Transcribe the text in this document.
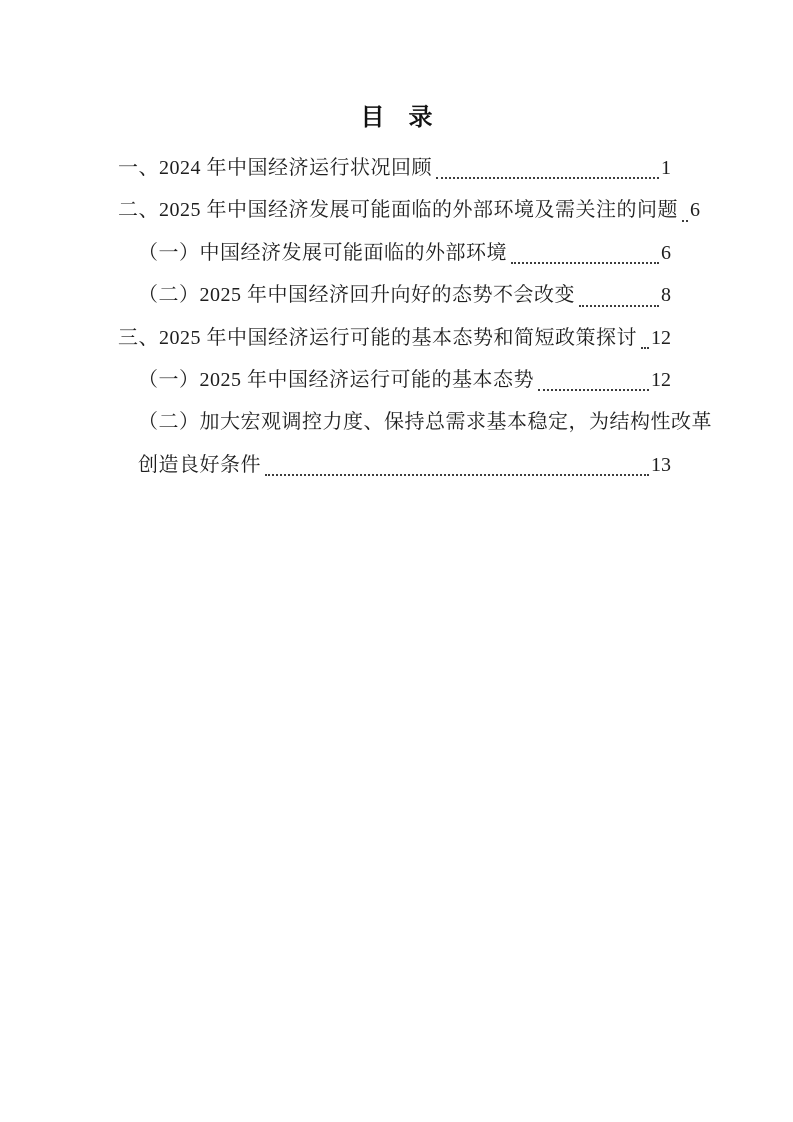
目　录
一、2024 年中国经济运行状况回顾	1
二、2025 年中国经济发展可能面临的外部环境及需关注的问题 6
（一）中国经济发展可能面临的外部环境	6
（二）2025 年中国经济回升向好的态势不会改变	8
三、2025 年中国经济运行可能的基本态势和简短政策探讨 12
（一）2025 年中国经济运行可能的基本态势	12
（二）加大宏观调控力度、保持总需求基本稳定，为结构性改革
创造良好条件	13
